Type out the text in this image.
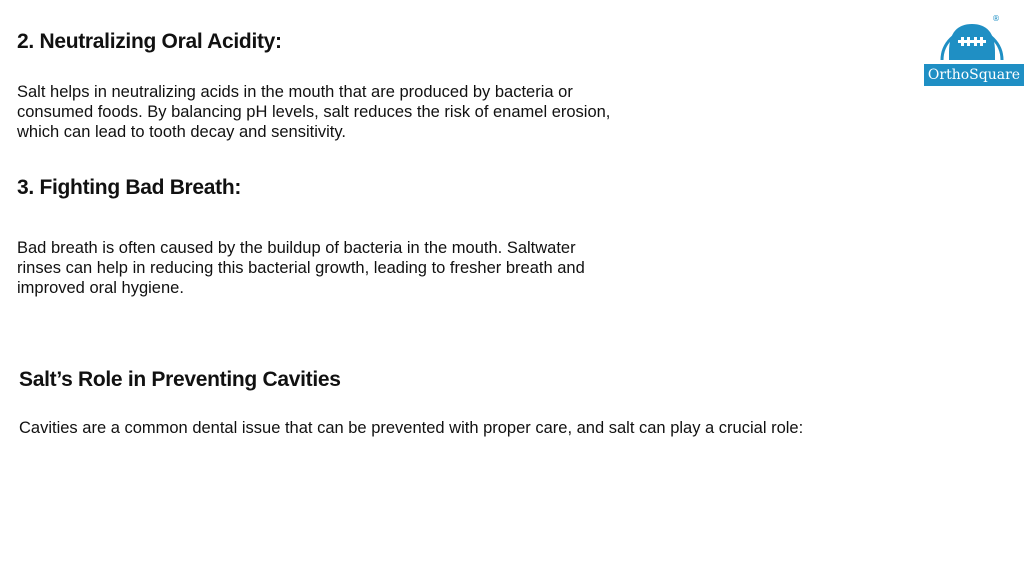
2. Neutralizing Oral Acidity:

Salt helps in neutralizing acids in the mouth that are produced by bacteria or consumed foods. By balancing pH levels, salt reduces the risk of enamel erosion, which can lead to tooth decay and sensitivity.

3. Fighting Bad Breath:

Bad breath is often caused by the buildup of bacteria in the mouth. Saltwater rinses can help in reducing this bacterial growth, leading to fresher breath and improved oral hygiene.

Salt’s Role in Preventing Cavities

Cavities are a common dental issue that can be prevented with proper care, and salt can play a crucial role:

®
OrthoSquare
